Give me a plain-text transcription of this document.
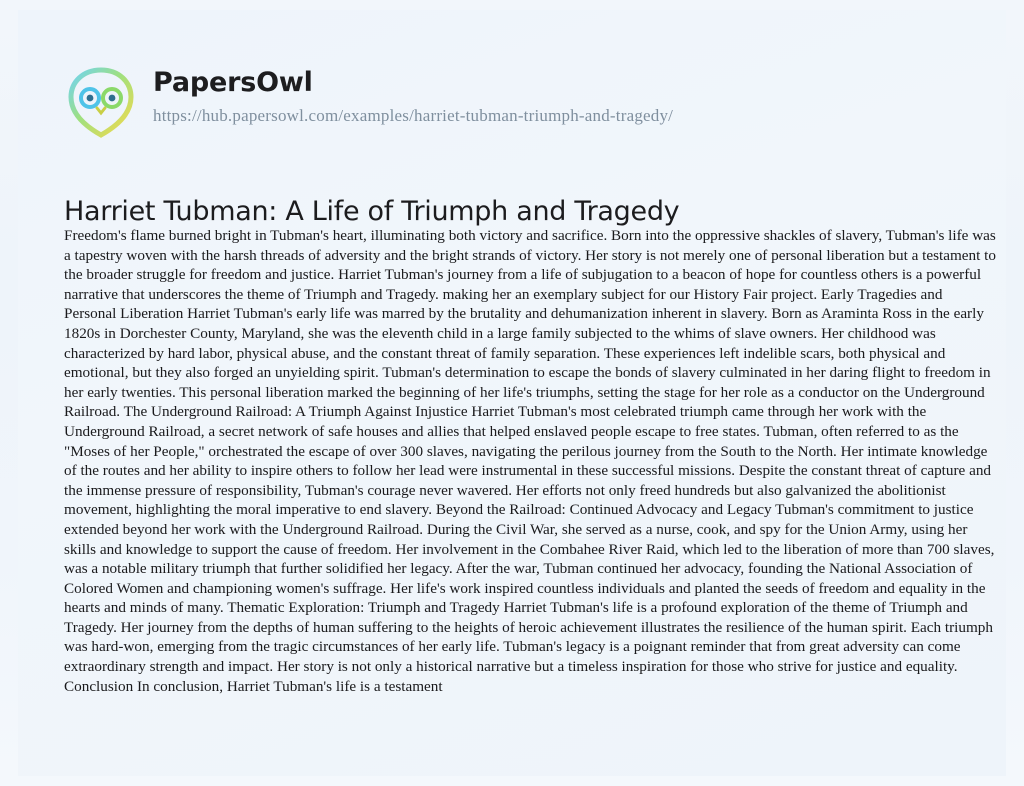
PapersOwl
https://hub.papersowl.com/examples/harriet-tubman-triumph-and-tragedy/
Harriet Tubman: A Life of Triumph and Tragedy
Freedom's flame burned bright in Tubman's heart, illuminating both victory and sacrifice. Born into the oppressive shackles of slavery, Tubman's life was a tapestry woven with the harsh threads of adversity and the bright strands of victory. Her story is not merely one of personal liberation but a testament to the broader struggle for freedom and justice. Harriet Tubman's journey from a life of subjugation to a beacon of hope for countless others is a powerful narrative that underscores the theme of Triumph and Tragedy. making her an exemplary subject for our History Fair project. Early Tragedies and Personal Liberation Harriet Tubman's early life was marred by the brutality and dehumanization inherent in slavery. Born as Araminta Ross in the early 1820s in Dorchester County, Maryland, she was the eleventh child in a large family subjected to the whims of slave owners. Her childhood was characterized by hard labor, physical abuse, and the constant threat of family separation. These experiences left indelible scars, both physical and emotional, but they also forged an unyielding spirit. Tubman's determination to escape the bonds of slavery culminated in her daring flight to freedom in her early twenties. This personal liberation marked the beginning of her life's triumphs, setting the stage for her role as a conductor on the Underground Railroad. The Underground Railroad: A Triumph Against Injustice Harriet Tubman's most celebrated triumph came through her work with the Underground Railroad, a secret network of safe houses and allies that helped enslaved people escape to free states. Tubman, often referred to as the "Moses of her People," orchestrated the escape of over 300 slaves, navigating the perilous journey from the South to the North. Her intimate knowledge of the routes and her ability to inspire others to follow her lead were instrumental in these successful missions. Despite the constant threat of capture and the immense pressure of responsibility, Tubman's courage never wavered. Her efforts not only freed hundreds but also galvanized the abolitionist movement, highlighting the moral imperative to end slavery. Beyond the Railroad: Continued Advocacy and Legacy Tubman's commitment to justice extended beyond her work with the Underground Railroad. During the Civil War, she served as a nurse, cook, and spy for the Union Army, using her skills and knowledge to support the cause of freedom. Her involvement in the Combahee River Raid, which led to the liberation of more than 700 slaves, was a notable military triumph that further solidified her legacy. After the war, Tubman continued her advocacy, founding the National Association of Colored Women and championing women's suffrage. Her life's work inspired countless individuals and planted the seeds of freedom and equality in the hearts and minds of many. Thematic Exploration: Triumph and Tragedy Harriet Tubman's life is a profound exploration of the theme of Triumph and Tragedy. Her journey from the depths of human suffering to the heights of heroic achievement illustrates the resilience of the human spirit. Each triumph was hard-won, emerging from the tragic circumstances of her early life. Tubman's legacy is a poignant reminder that from great adversity can come extraordinary strength and impact. Her story is not only a historical narrative but a timeless inspiration for those who strive for justice and equality. Conclusion In conclusion, Harriet Tubman's life is a testament
